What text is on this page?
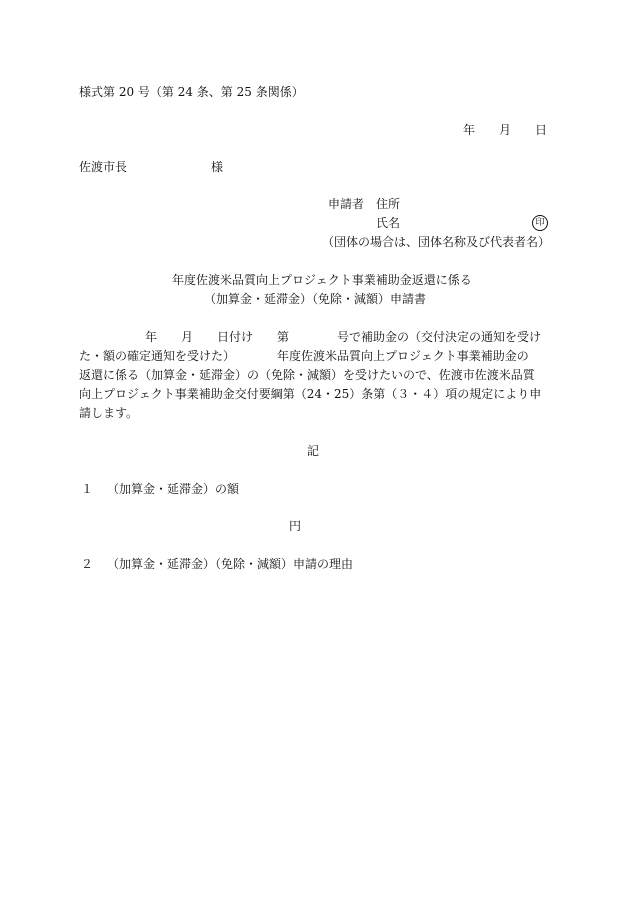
様式第 20 号（第 24 条、第 25 条関係）
年　　月　　日
佐渡市長　　　　　　　様
申請者　住所
氏名	印
（団体の場合は、団体名称及び代表者名）
年度佐渡米品質向上プロジェクト事業補助金返還に係る
（加算金・延滞金）（免除・減額）申請書
年　　月　　日付け　　第　　　　号で補助金の（交付決定の通知を受け
た・額の確定通知を受けた）　　　　年度佐渡米品質向上プロジェクト事業補助金の
返還に係る（加算金・延滞金）の（免除・減額）を受けたいので、佐渡市佐渡米品質
向上プロジェクト事業補助金交付要綱第（24・25）条第（３・４）項の規定により申
請します。
記
１ （加算金・延滞金）の額
円
２ （加算金・延滞金）（免除・減額）申請の理由
